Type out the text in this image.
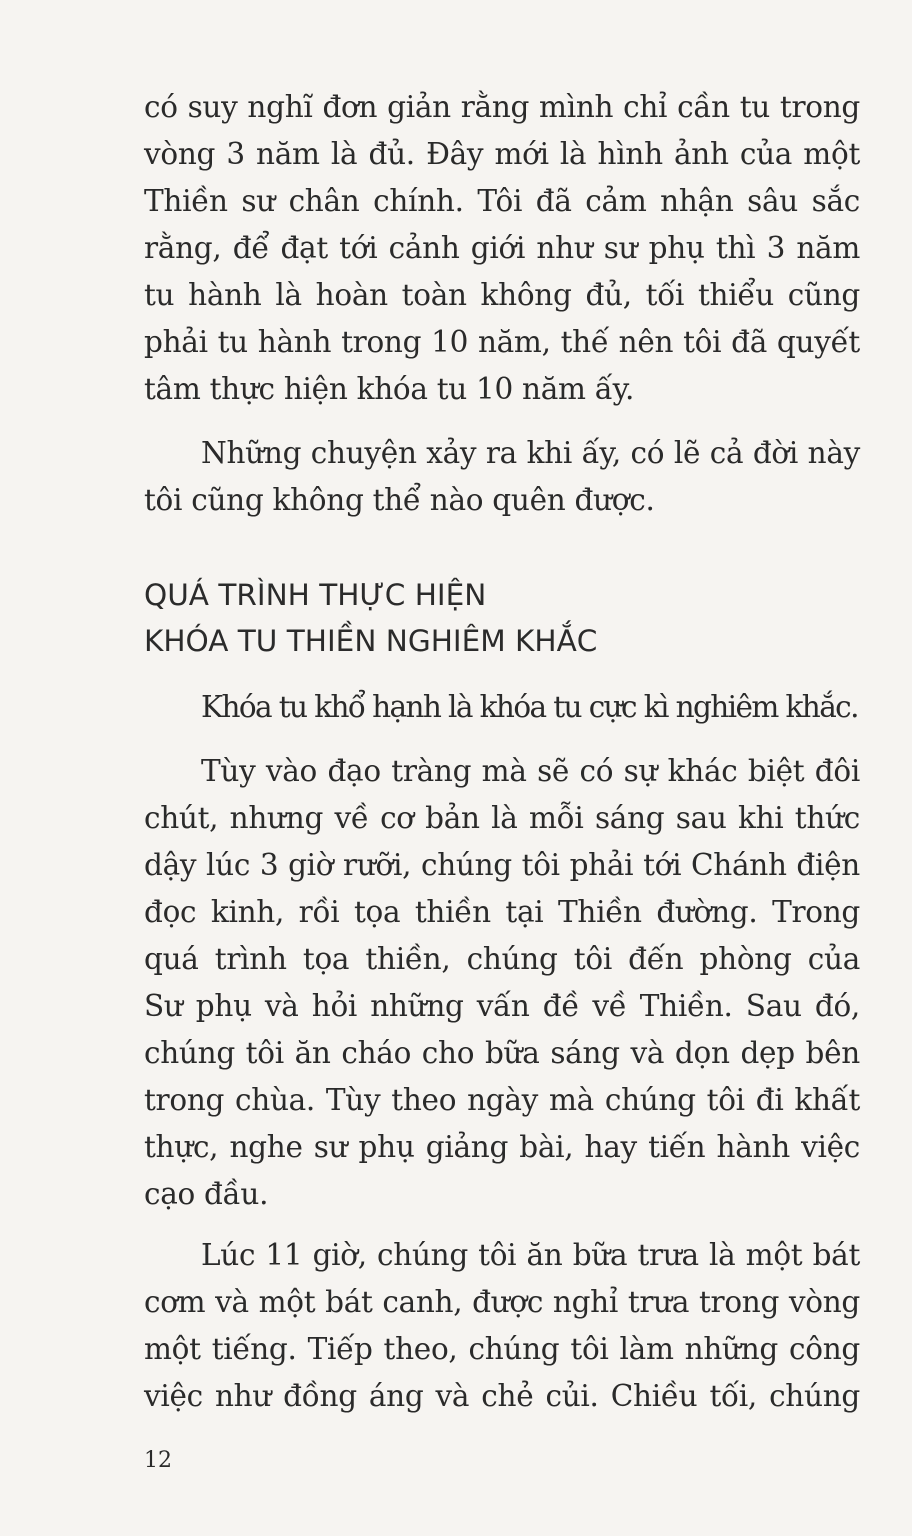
có suy nghĩ đơn giản rằng mình chỉ cần tu trong
vòng 3 năm là đủ. Đây mới là hình ảnh của một
Thiền sư chân chính. Tôi đã cảm nhận sâu sắc
rằng, để đạt tới cảnh giới như sư phụ thì 3 năm
tu hành là hoàn toàn không đủ, tối thiểu cũng
phải tu hành trong 10 năm, thế nên tôi đã quyết
tâm thực hiện khóa tu 10 năm ấy.
Những chuyện xảy ra khi ấy, có lẽ cả đời này
tôi cũng không thể nào quên được.
QUÁ TRÌNH THỰC HIỆN
KHÓA TU THIỀN NGHIÊM KHẮC
Khóa tu khổ hạnh là khóa tu cực kì nghiêm khắc.
Tùy vào đạo tràng mà sẽ có sự khác biệt đôi
chút, nhưng về cơ bản là mỗi sáng sau khi thức
dậy lúc 3 giờ rưỡi, chúng tôi phải tới Chánh điện
đọc kinh, rồi tọa thiền tại Thiền đường. Trong
quá trình tọa thiền, chúng tôi đến phòng của
Sư phụ và hỏi những vấn đề về Thiền. Sau đó,
chúng tôi ăn cháo cho bữa sáng và dọn dẹp bên
trong chùa. Tùy theo ngày mà chúng tôi đi khất
thực, nghe sư phụ giảng bài, hay tiến hành việc
cạo đầu.
Lúc 11 giờ, chúng tôi ăn bữa trưa là một bát
cơm và một bát canh, được nghỉ trưa trong vòng
một tiếng. Tiếp theo, chúng tôi làm những công
việc như đồng áng và chẻ củi. Chiều tối, chúng
12
